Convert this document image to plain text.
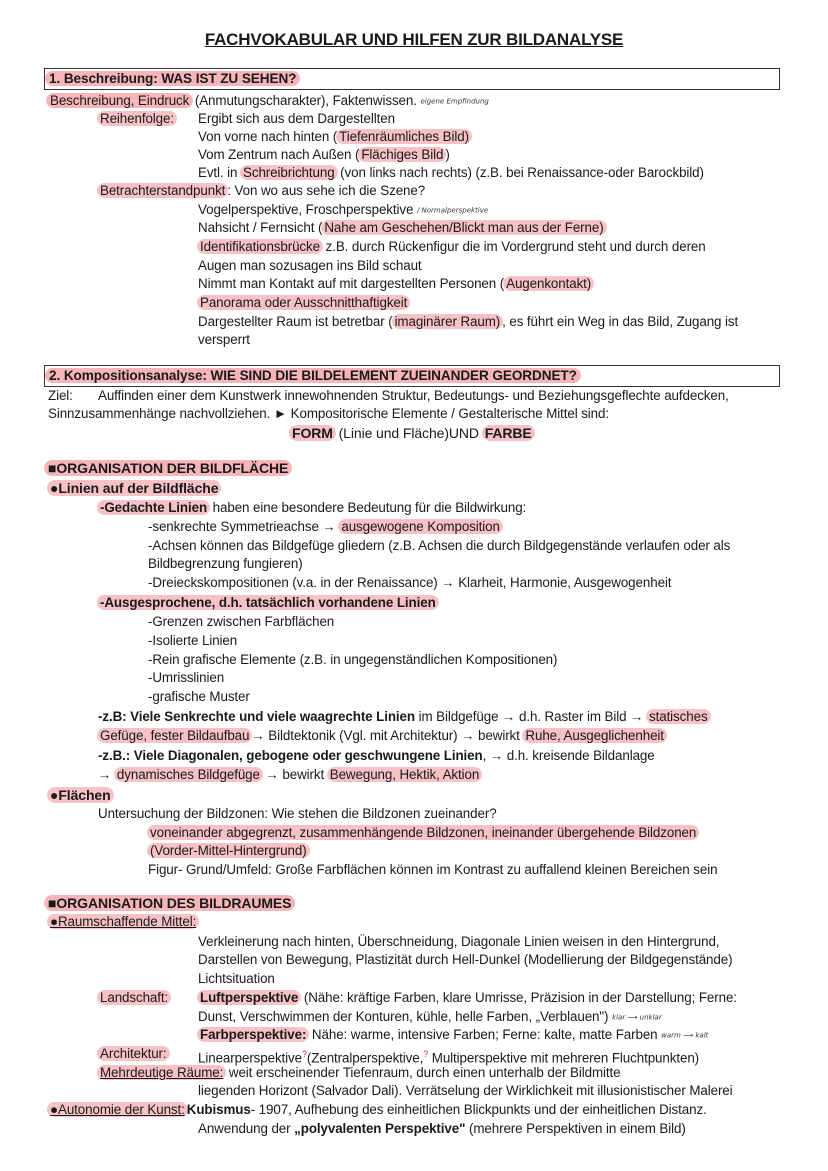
FACHVOKABULAR UND HILFEN ZUR BILDANALYSE
1. Beschreibung: WAS IST ZU SEHEN?
Beschreibung, Eindruck (Anmutungscharakter), Faktenwissen. eigene Empfindung
Reihenfolge: Ergibt sich aus dem Dargestellten
Von vorne nach hinten ( Tiefenräumliches Bild)
Vom Zentrum nach Außen ( Flächiges Bild )
Evtl. in Schreibrichtung (von links nach rechts) (z.B. bei Renaissance-oder Barockbild)
Betrachterstandpunkt : Von wo aus sehe ich die Szene?
Vogelperspektive, Froschperspektive / Normalperspektive
Nahsicht / Fernsicht ( Nahe am Geschehen/Blickt man aus der Ferne)
Identifikationsbrücke z.B. durch Rückenfigur die im Vordergrund steht und durch deren
Augen man sozusagen ins Bild schaut
Nimmt man Kontakt auf mit dargestellten Personen ( Augenkontakt)
Panorama oder Ausschnitthaftigkeit
Dargestellter Raum ist betretbar ( imaginärer Raum) , es führt ein Weg in das Bild, Zugang ist
versperrt
2. Kompositionsanalyse: WIE SIND DIE BILDELEMENT ZUEINANDER GEORDNET?
Ziel: Auffinden einer dem Kunstwerk innewohnenden Struktur, Bedeutungs- und Beziehungsgeflechte aufdecken,
Sinnzusammenhänge nachvollziehen. ► Kompositorische Elemente / Gestalterische Mittel sind:
FORM (Linie und Fläche)UND FARBE
■ORGANISATION DER BILDFLÄCHE
●Linien auf der Bildfläche
-Gedachte Linien haben eine besondere Bedeutung für die Bildwirkung:
-senkrechte Symmetrieachse → ausgewogene Komposition
-Achsen können das Bildgefüge gliedern (z.B. Achsen die durch Bildgegenstände verlaufen oder als
Bildbegrenzung fungieren)
-Dreieckskompositionen (v.a. in der Renaissance) → Klarheit, Harmonie, Ausgewogenheit
-Ausgesprochene, d.h. tatsächlich vorhandene Linien
-Grenzen zwischen Farbflächen
-Isolierte Linien
-Rein grafische Elemente (z.B. in ungegenständlichen Kompositionen)
-Umrisslinien
-grafische Muster
-z.B: Viele Senkrechte und viele waagrechte Linien im Bildgefüge → d.h. Raster im Bild → statisches
Gefüge, fester Bildaufbau → Bildtektonik (Vgl. mit Architektur) → bewirkt Ruhe, Ausgeglichenheit
-z.B.: Viele Diagonalen, gebogene oder geschwungene Linien, → d.h. kreisende Bildanlage
→ dynamisches Bildgefüge → bewirkt Bewegung, Hektik, Aktion
●Flächen
Untersuchung der Bildzonen: Wie stehen die Bildzonen zueinander?
voneinander abgegrenzt, zusammenhängende Bildzonen, ineinander übergehende Bildzonen
(Vorder-Mittel-Hintergrund)
Figur- Grund/Umfeld: Große Farbflächen können im Kontrast zu auffallend kleinen Bereichen sein
■ORGANISATION DES BILDRAUMES
●Raumschaffende Mittel:
Verkleinerung nach hinten, Überschneidung, Diagonale Linien weisen in den Hintergrund,
Darstellen von Bewegung, Plastizität durch Hell-Dunkel (Modellierung der Bildgegenstände)
Lichtsituation
Landschaft: Luftperspektive (Nähe: kräftige Farben, klare Umrisse, Präzision in der Darstellung; Ferne:
Dunst, Verschwimmen der Konturen, kühle, helle Farben, „Verblauen") klar ⟶ unklar
Farbperspektive: Nähe: warme, intensive Farben; Ferne: kalte, matte Farben warm ⟶ kalt
Architektur: Linearperspektive?(Zentralperspektive,? Multiperspektive mit mehreren Fluchtpunkten)
Mehrdeutige Räume: weit erscheinender Tiefenraum, durch einen unterhalb der Bildmitte
liegenden Horizont (Salvador Dali). Verrätselung der Wirklichkeit mit illusionistischer Malerei
●Autonomie der Kunst: Kubismus- 1907, Aufhebung des einheitlichen Blickpunkts und der einheitlichen Distanz.
Anwendung der „polyvalenten Perspektive" (mehrere Perspektiven in einem Bild)
